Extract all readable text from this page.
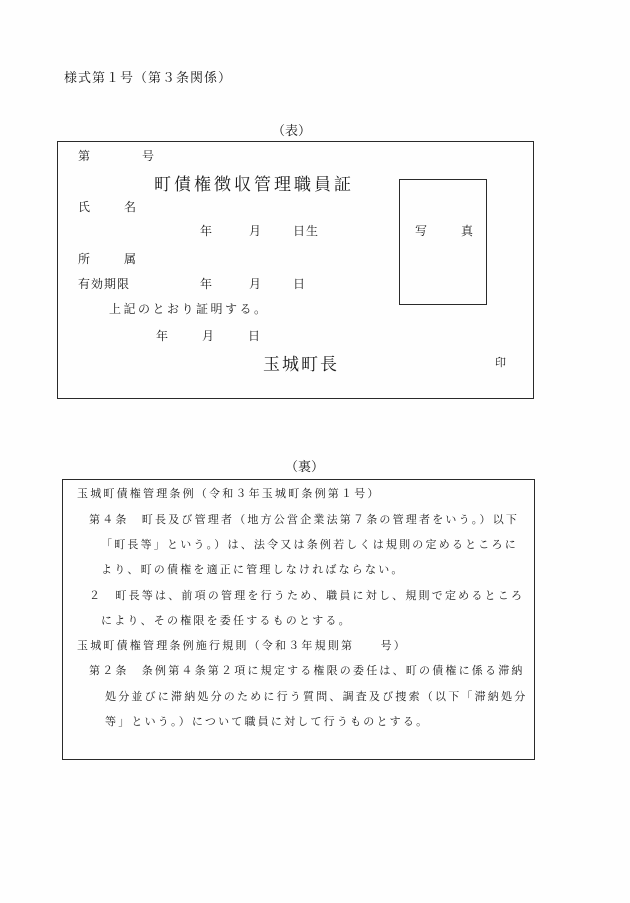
様式第１号（第３条関係）
（表）
第	号
町債権徴収管理職員証
氏	名
年	月	日生
所	属
有効期限	年	月	日
上記のとおり証明する。
年	月	日
玉城町長	印
写	真
（裏）
玉城町債権管理条例（令和３年玉城町条例第１号）
第４条　町長及び管理者（地方公営企業法第７条の管理者をいう。）以下
「町長等」という。）は、法令又は条例若しくは規則の定めるところに
より、町の債権を適正に管理しなければならない。
２　町長等は、前項の管理を行うため、職員に対し、規則で定めるところ
により、その権限を委任するものとする。
玉城町債権管理条例施行規則（令和３年規則第　　号）
第２条　条例第４条第２項に規定する権限の委任は、町の債権に係る滞納
処分並びに滞納処分のために行う質問、調査及び捜索（以下「滞納処分
等」という。）について職員に対して行うものとする。
